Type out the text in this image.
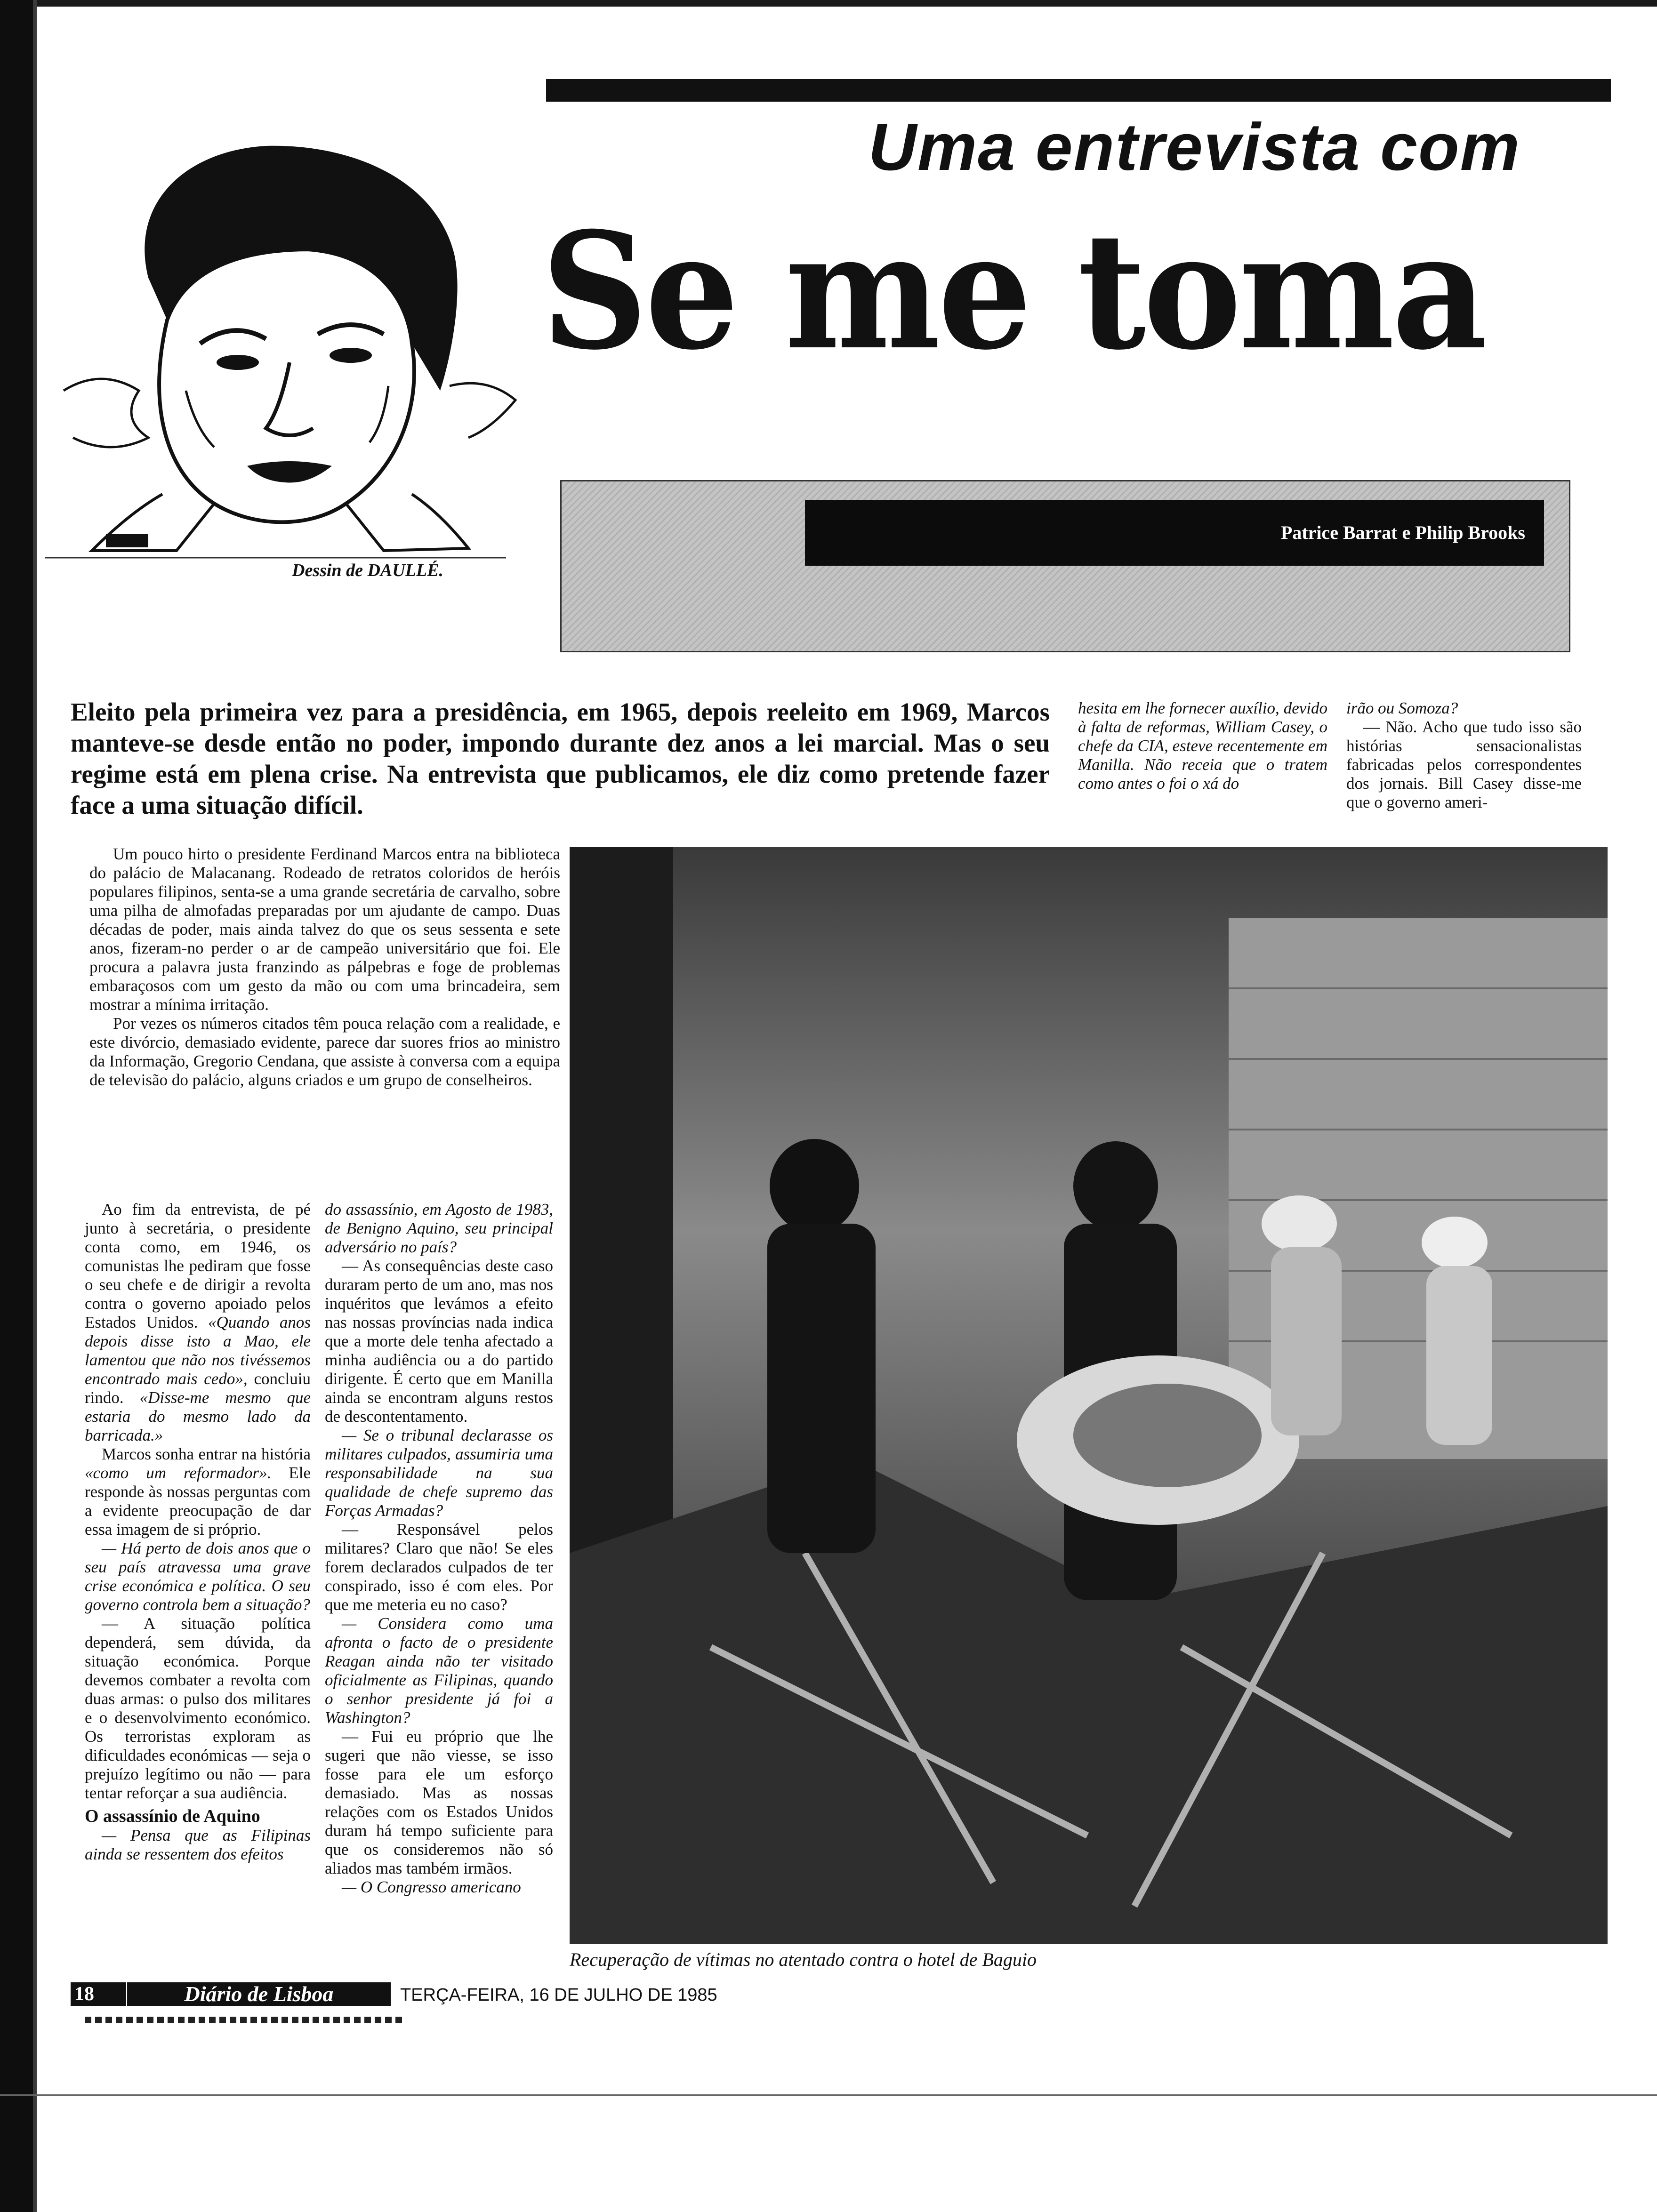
Dessin de DAULLÉ.
Uma entrevista com
Se me toma
Patrice Barrat e Philip Brooks

Eleito pela primeira vez para a presidência, em 1965, depois reeleito em 1969, Marcos manteve-se desde então no poder, impondo durante dez anos a lei marcial. Mas o seu regime está em plena crise. Na entrevista que publicamos, ele diz como pretende fazer face a uma situação difícil.

hesita em lhe fornecer auxílio, devido à falta de reformas, William Casey, o chefe da CIA, esteve recentemente em Manilla. Não receia que o tratem como antes o foi o xá do

irão ou Somoza?

— Não. Acho que tudo isso são histórias sensacionalistas fabricadas pelos correspondentes dos jornais. Bill Casey disse-me que o governo ameri-

Um pouco hirto o presidente Ferdinand Marcos entra na biblioteca do palácio de Malacanang. Rodeado de retratos coloridos de heróis populares filipinos, senta-se a uma grande secretária de carvalho, sobre uma pilha de almofadas preparadas por um ajudante de campo. Duas décadas de poder, mais ainda talvez do que os seus sessenta e sete anos, fizeram-no perder o ar de campeão universitário que foi. Ele procura a palavra justa franzindo as pálpebras e foge de problemas embaraçosos com um gesto da mão ou com uma brincadeira, sem mostrar a mínima irritação.

Por vezes os números citados têm pouca relação com a realidade, e este divórcio, demasiado evidente, parece dar suores frios ao ministro da Informação, Gregorio Cendana, que assiste à conversa com a equipa de televisão do palácio, alguns criados e um grupo de conselheiros.

Ao fim da entrevista, de pé junto à secretária, o presidente conta como, em 1946, os comunistas lhe pediram que fosse o seu chefe e de dirigir a revolta contra o governo apoiado pelos Estados Unidos. «Quando anos depois disse isto a Mao, ele lamentou que não nos tivéssemos encontrado mais cedo», concluiu rindo. «Disse-me mesmo que estaria do mesmo lado da barricada.»

Marcos sonha entrar na história «como um reformador». Ele responde às nossas perguntas com a evidente preocupação de dar essa imagem de si próprio.

— Há perto de dois anos que o seu país atravessa uma grave crise económica e política. O seu governo controla bem a situação?

— A situação política dependerá, sem dúvida, da situação económica. Porque devemos combater a revolta com duas armas: o pulso dos militares e o desenvolvimento económico. Os terroristas exploram as dificuldades económicas — seja o prejuízo legítimo ou não — para tentar reforçar a sua audiência.

O assassínio de Aquino

— Pensa que as Filipinas ainda se ressentem dos efeitos

do assassínio, em Agosto de 1983, de Benigno Aquino, seu principal adversário no país?

— As consequências deste caso duraram perto de um ano, mas nos inquéritos que levámos a efeito nas nossas províncias nada indica que a morte dele tenha afectado a minha audiência ou a do partido dirigente. É certo que em Manilla ainda se encontram alguns restos de descontentamento.

— Se o tribunal declarasse os militares culpados, assumiria uma responsabilidade na sua qualidade de chefe supremo das Forças Armadas?

— Responsável pelos militares? Claro que não! Se eles forem declarados culpados de ter conspirado, isso é com eles. Por que me meteria eu no caso?

— Considera como uma afronta o facto de o presidente Reagan ainda não ter visitado oficialmente as Filipinas, quando o senhor presidente já foi a Washington?

— Fui eu próprio que lhe sugeri que não viesse, se isso fosse para ele um esforço demasiado. Mas as nossas relações com os Estados Unidos duram há tempo suficiente para que os consideremos não só aliados mas também irmãos.

— O Congresso americano

Recuperação de vítimas no atentado contra o hotel de Baguio
18	Diário de Lisboa	TERÇA-FEIRA, 16 DE JULHO DE 1985
